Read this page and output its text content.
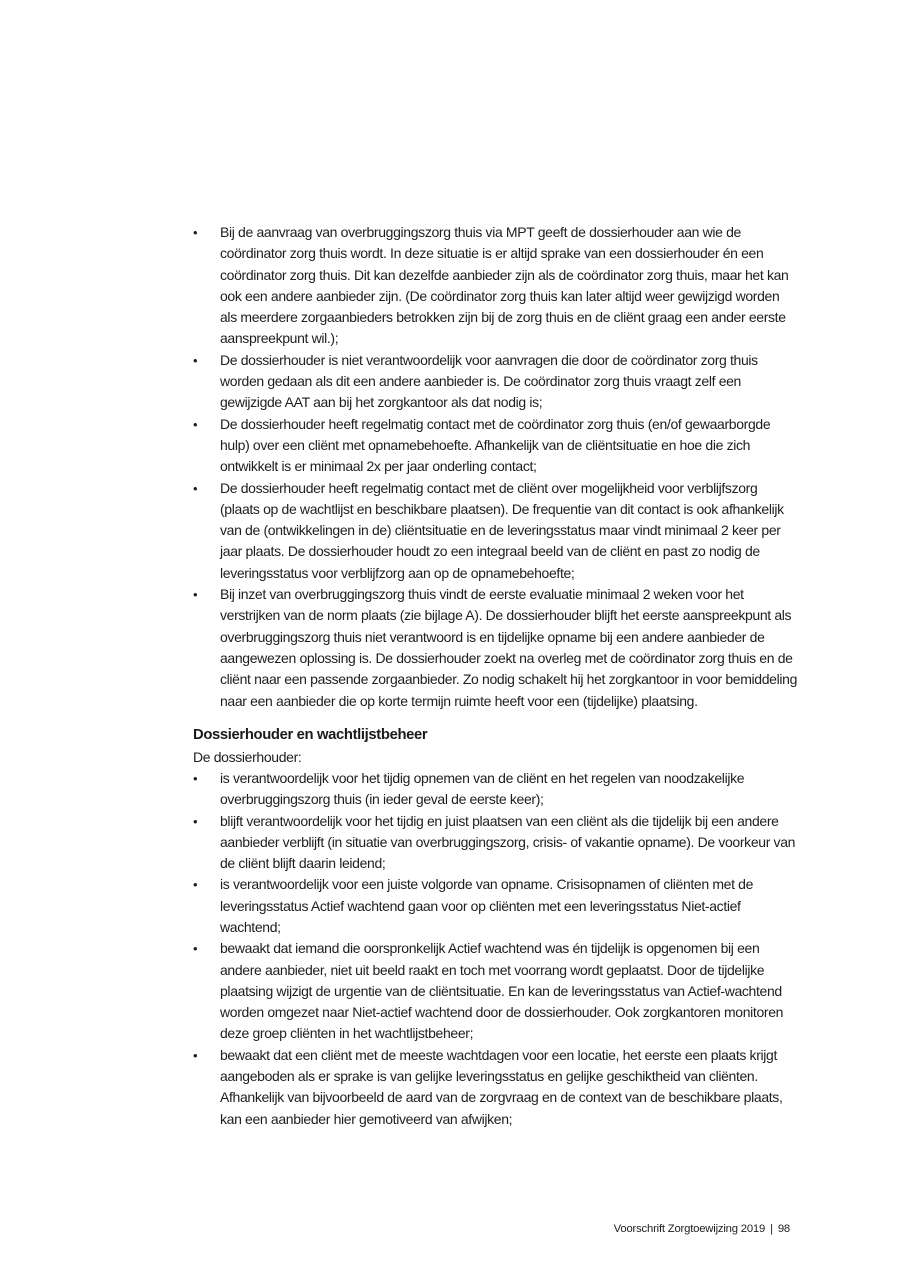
•	Bij de aanvraag van overbruggingszorg thuis via MPT geeft de dossierhouder aan wie de coördinator zorg thuis wordt. In deze situatie is er altijd sprake van een dossierhouder én een coördinator zorg thuis. Dit kan dezelfde aanbieder zijn als de coördinator zorg thuis, maar het kan ook een andere aanbieder zijn. (De coördinator zorg thuis kan later altijd weer gewijzigd worden als meerdere zorgaanbieders betrokken zijn bij de zorg thuis en de cliënt graag een ander eerste aanspreekpunt wil.);
•	De dossierhouder is niet verantwoordelijk voor aanvragen die door de coördinator zorg thuis worden gedaan als dit een andere aanbieder is. De coördinator zorg thuis vraagt zelf een gewijzigde AAT aan bij het zorgkantoor als dat nodig is;
•	De dossierhouder heeft regelmatig contact met de coördinator zorg thuis (en/of gewaarborgde hulp) over een cliënt met opnamebehoefte. Afhankelijk van de cliëntsituatie en hoe die zich ontwikkelt is er minimaal 2x per jaar onderling contact;
•	De dossierhouder heeft regelmatig contact met de cliënt over mogelijkheid voor verblijfszorg (plaats op de wachtlijst en beschikbare plaatsen). De frequentie van dit contact is ook afhankelijk van de (ontwikkelingen in de) cliëntsituatie en de leveringsstatus maar vindt minimaal 2 keer per jaar plaats. De dossierhouder houdt zo een integraal beeld van de cliënt en past zo nodig de leveringsstatus voor verblijfzorg aan op de opnamebehoefte;
•	Bij inzet van overbruggingszorg thuis vindt de eerste evaluatie minimaal 2 weken voor het verstrijken van de norm plaats (zie bijlage A). De dossierhouder blijft het eerste aanspreekpunt als overbruggingszorg thuis niet verantwoord is en tijdelijke opname bij een andere aanbieder de aangewezen oplossing is. De dossierhouder zoekt na overleg met de coördinator zorg thuis en de cliënt naar een passende zorgaanbieder. Zo nodig schakelt hij het zorgkantoor in voor bemiddeling naar een aanbieder die op korte termijn ruimte heeft voor een (tijdelijke) plaatsing.
Dossierhouder en wachtlijstbeheer

De dossierhouder:

•	is verantwoordelijk voor het tijdig opnemen van de cliënt en het regelen van noodzakelijke overbruggingszorg thuis (in ieder geval de eerste keer);
•	blijft verantwoordelijk voor het tijdig en juist plaatsen van een cliënt als die tijdelijk bij een andere aanbieder verblijft (in situatie van overbruggingszorg, crisis- of vakantie opname). De voorkeur van de cliënt blijft daarin leidend;
•	is verantwoordelijk voor een juiste volgorde van opname. Crisisopnamen of cliënten met de leveringsstatus Actief wachtend gaan voor op cliënten met een leveringsstatus Niet-actief wachtend;
•	bewaakt dat iemand die oorspronkelijk Actief wachtend was én tijdelijk is opgenomen bij een andere aanbieder, niet uit beeld raakt en toch met voorrang wordt geplaatst. Door de tijdelijke plaatsing wijzigt de urgentie van de cliëntsituatie. En kan de leveringsstatus van Actief-wachtend worden omgezet naar Niet-actief wachtend door de dossierhouder. Ook zorgkantoren monitoren deze groep cliënten in het wachtlijstbeheer;
•	bewaakt dat een cliënt met de meeste wachtdagen voor een locatie, het eerste een plaats krijgt aangeboden als er sprake is van gelijke leveringsstatus en gelijke geschiktheid van cliënten. Afhankelijk van bijvoorbeeld de aard van de zorgvraag en de context van de beschikbare plaats, kan een aanbieder hier gemotiveerd van afwijken;
Voorschrift Zorgtoewijzing 2019 | 98
